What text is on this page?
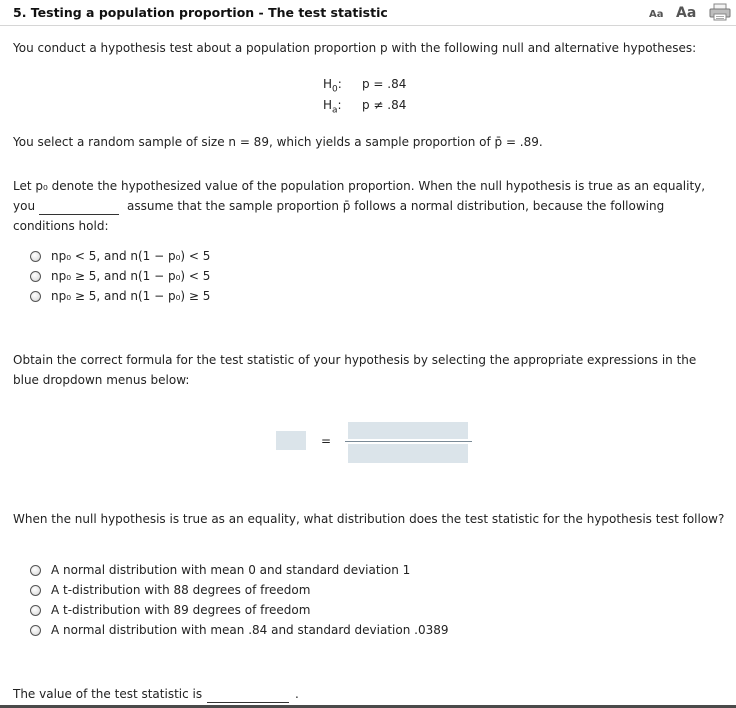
5. Testing a population proportion - The test statistic	Aa Aa
You conduct a hypothesis test about a population proportion p with the following null and alternative hypotheses:
$H_0$: p = .84
$H_a$: p ≠ .84
You select a random sample of size n = 89, which yields a sample proportion of p̄ = .89.
Let p₀ denote the hypothesized value of the population proportion. When the null hypothesis is true as an equality,
you	assume that the sample proportion p̄ follows a normal distribution, because the following
conditions hold:
np₀ < 5, and n(1 − p₀) < 5
np₀ ≥ 5, and n(1 − p₀) < 5
np₀ ≥ 5, and n(1 − p₀) ≥ 5
Obtain the correct formula for the test statistic of your hypothesis by selecting the appropriate expressions in the
blue dropdown menus below:
=
When the null hypothesis is true as an equality, what distribution does the test statistic for the hypothesis test follow?
A normal distribution with mean 0 and standard deviation 1
A t-distribution with 88 degrees of freedom
A t-distribution with 89 degrees of freedom
A normal distribution with mean .84 and standard deviation .0389
The value of the test statistic is	.
